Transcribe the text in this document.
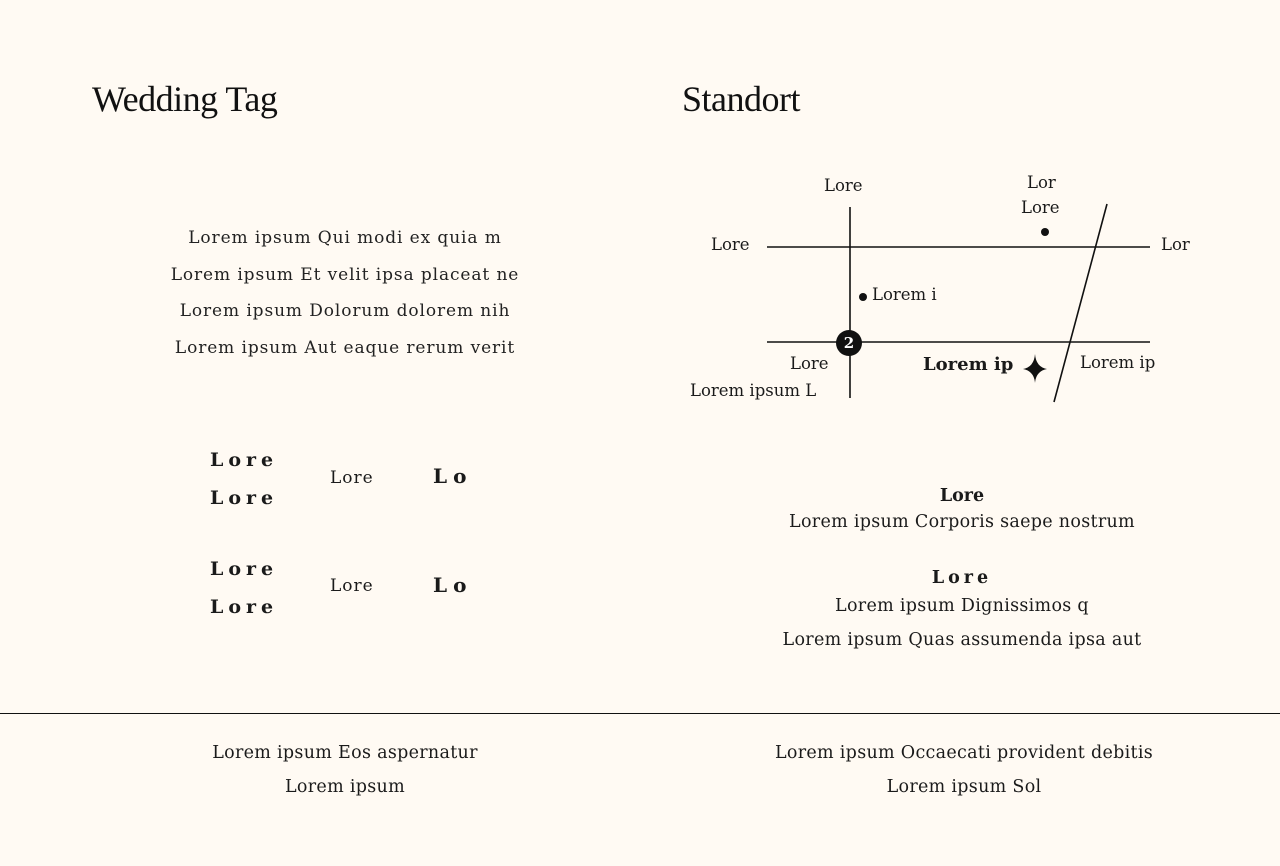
Wedding Tag
Lorem ipsum Qui modi ex quia m
Lorem ipsum Et velit ipsa placeat ne
Lorem ipsum Dolorum dolorem nih
Lorem ipsum Aut eaque rerum verit
Lore
Lore
Lore	Lo
Lore
Lore
Lore	Lo
Standort
2
Lore	Lor
Lore
Lore	Lor
Lorem i
Lore
Lorem ipsum L
Lorem ip	Lorem ip
Lore
Lorem ipsum Corporis saepe nostrum
Lore
Lorem ipsum Dignissimos q
Lorem ipsum Quas assumenda ipsa aut
Lorem ipsum Eos aspernatur
Lorem ipsum
Lorem ipsum Occaecati provident debitis
Lorem ipsum Sol
